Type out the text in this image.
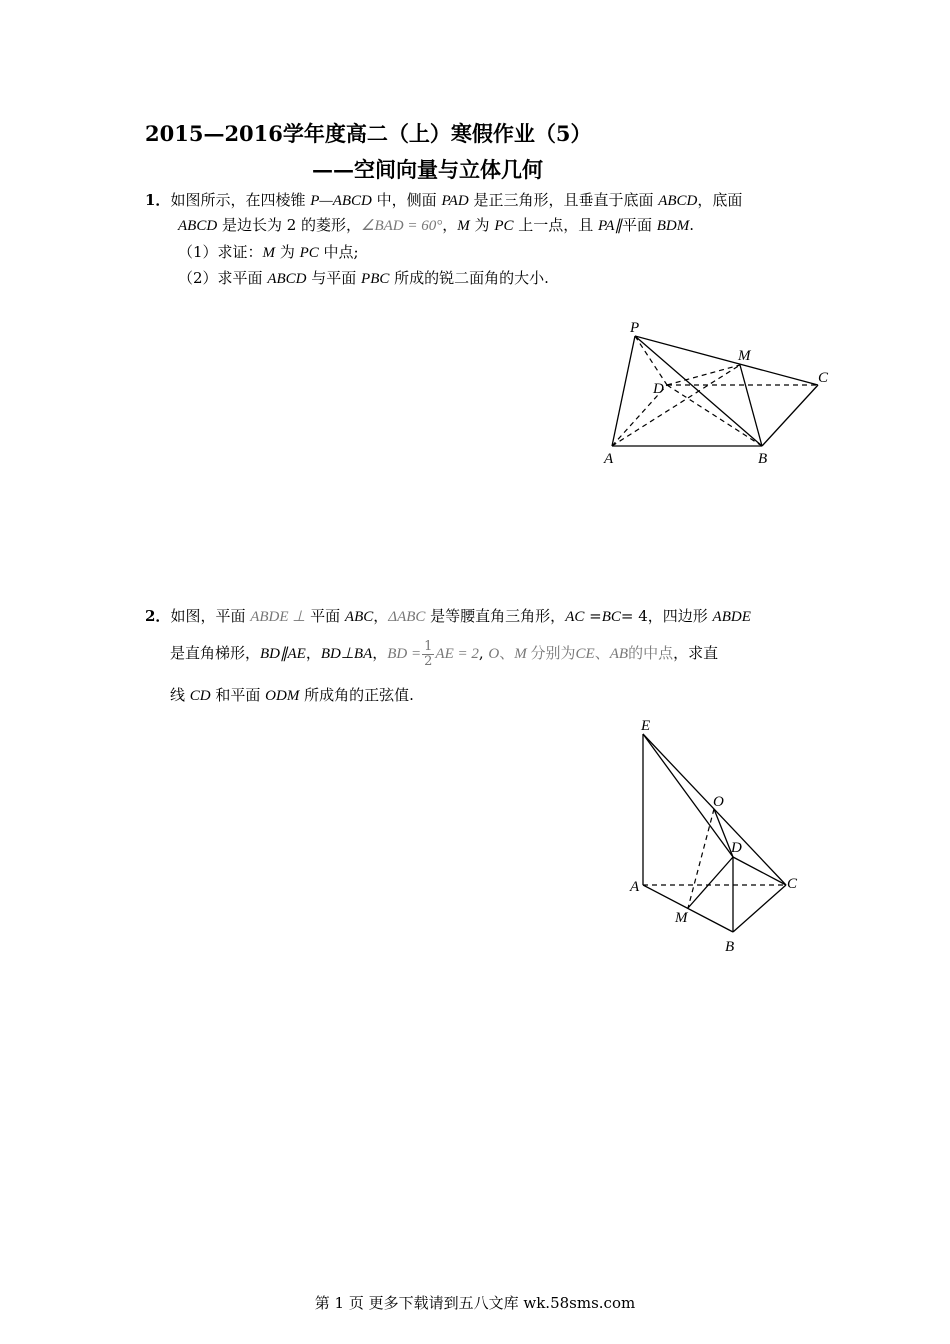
2015—2016学年度高二（上）寒假作业（5）
——空间向量与立体几何
1．如图所示，在四棱锥 P—ABCD 中，侧面 PAD 是正三角形，且垂直于底面 ABCD，底面
ABCD 是边长为 2 的菱形，∠BAD = 60°，M 为 PC 上一点，且 PA∥平面 BDM.
（1）求证：M 为 PC 中点;
（2）求平面 ABCD 与平面 PBC 所成的锐二面角的大小.
P
M
D
C
A	B
2．如图，平面 ABDE ⊥ 平面 ABC，ΔABC 是等腰直角三角形，AC =BC= 4，四边形 ABDE
是直角梯形，BD∥AE，BD⊥BA，BD = $\frac{1}{2}$ AE = 2, O、M 分别为CE、AB的中点，求直
线 CD 和平面 ODM 所成角的正弦值.
E
O
D
A	C
M
B
第 1 页 更多下载请到五八文库 wk.58sms.com
